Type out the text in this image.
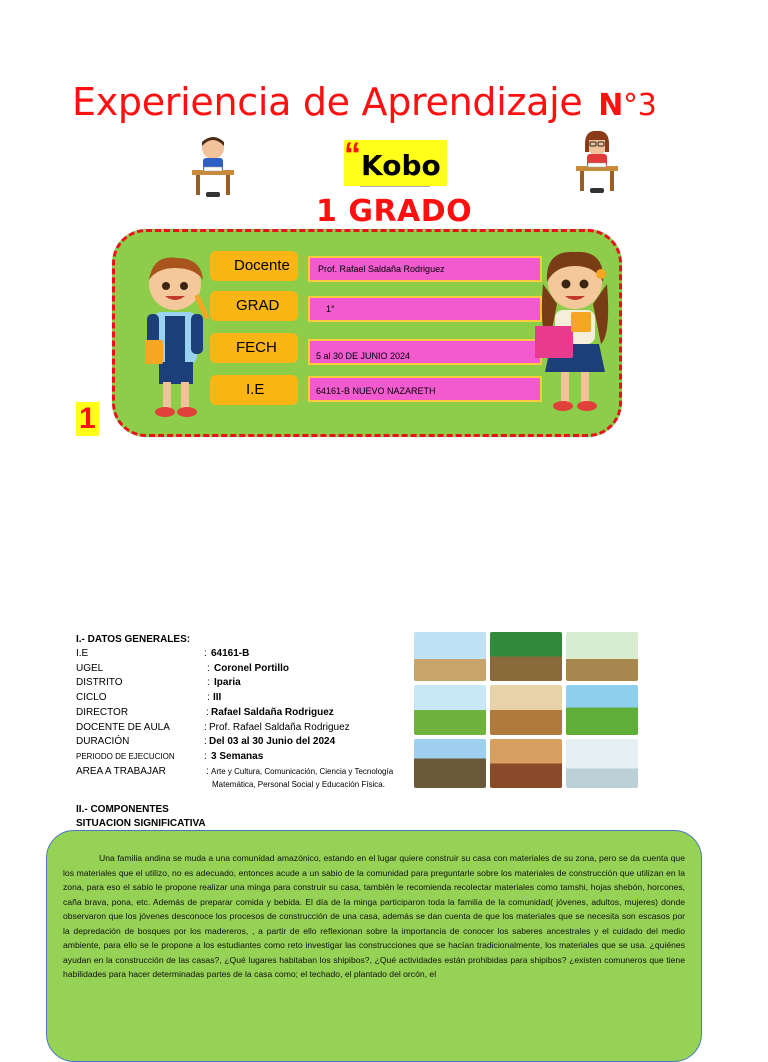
Experiencia de Aprendizaje N°3
“ Kobo
1 GRADO
Docente	Prof. Rafael Saldaña Rodriguez
GRAD	1°
FECH	5 al 30 DE JUNIO 2024
I.E	64161-B NUEVO NAZARETH
1
I.- DATOS GENERALES:
I.E	: 64161-B
UGEL	: Coronel Portillo
DISTRITO	: Iparia
CICLO	: III
DIRECTOR	: Rafael Saldaña Rodriguez
DOCENTE DE AULA	: Prof. Rafael Saldaña Rodriguez
DURACIÓN	: Del 03 al 30 Junio del 2024
PERIODO DE EJECUCION	: 3 Semanas
AREA A TRABAJAR	: Arte y Cultura, Comunicación, Ciencia y Tecnología
Matemática, Personal Social y Educación Física.
II.- COMPONENTES
SITUACION SIGNIFICATIVA

Una familia andina se muda a una comunidad amazónico, estando en el lugar quiere construir su casa con materiales de su zona, pero se da cuenta que los materiales que el utilizo, no es adecuado, entonces acude a un sabio de la comunidad para preguntarle sobre los materiales de construcción que utilizan en la zona, para eso el sabio le propone realizar una minga para construir su casa, también le recomienda recolectar materiales como tamshi, hojas shebón, horcones, caña brava, pona, etc. Además de preparar comida y bebida. El día de la minga participaron toda la familia de la comunidad( jóvenes, adultos, mujeres) donde observaron que los jóvenes desconoce los procesos de construcción de una casa, además se dan cuenta de que los materiales que se necesita son escasos por la depredación de bosques por los madereros, , a partir de ello reflexionan sobre la importancia de conocer los saberes ancestrales y el cuidado del medio ambiente, para ello se le propone a los estudiantes como reto investigar las construcciones que se hacían tradicionalmente, los materiales que se usa. ¿quiénes ayudan en la construcción de las casas?, ¿Qué lugares habitaban los shipibos?, ¿Qué actividades están prohibidas para shipibos? ¿existen comuneros que tiene habilidades para hacer determinadas partes de la casa como; el techado, el plantado del orcón, el
